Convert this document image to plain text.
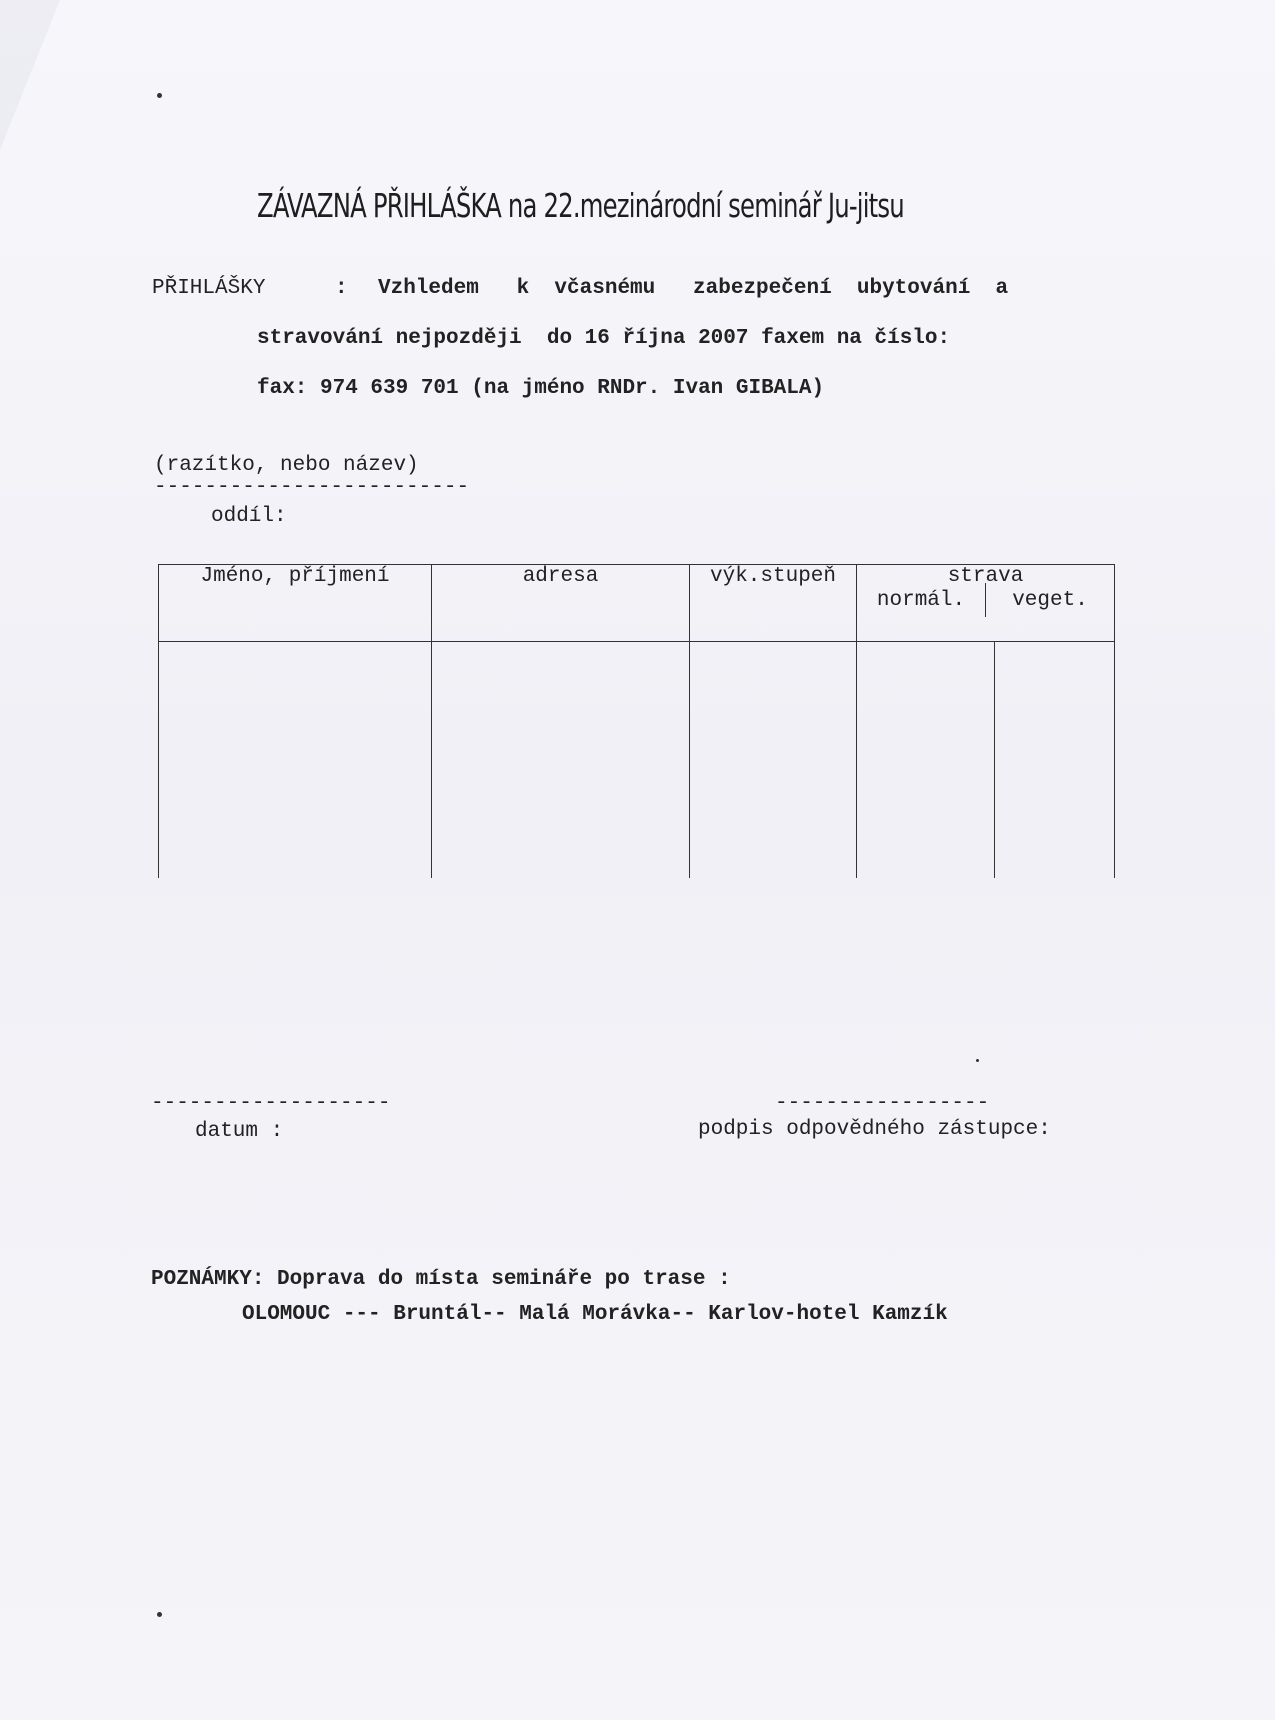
ZÁVAZNÁ PŘIHLÁŠKA na 22.mezinárodní seminář Ju-jitsu
PŘIHLÁŠKY	: Vzhledem   k  včasnému   zabezpečení  ubytování  a
stravování nejpozději  do 16 října 2007 faxem na číslo:
fax: 974 639 701 (na jméno RNDr. Ivan GIBALA)
(razítko, nebo název)
-------------------------
oddíl:
Jméno, příjmení	adresa	výk.stupeň	strava
normál. veget.	

-------------------
datum :
-----------------
podpis odpovědného zástupce:
POZNÁMKY: Doprava do místa semináře po trase :
OLOMOUC --- Bruntál-- Malá Morávka-- Karlov-hotel Kamzík
